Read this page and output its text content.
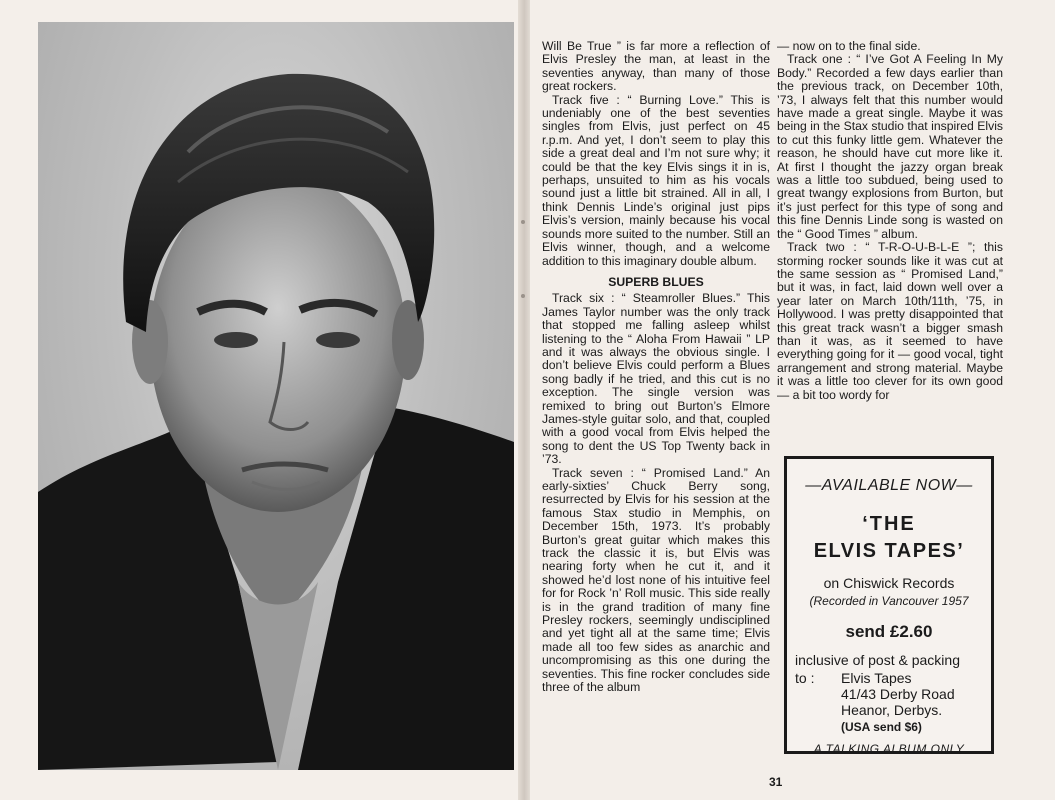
Will Be True ” is far more a reflection of Elvis Presley the man, at least in the seventies anyway, than many of those great rockers.

Track five : “ Burning Love.” This is undeniably one of the best seventies singles from Elvis, just perfect on 45 r.p.m. And yet, I don’t seem to play this side a great deal and I’m not sure why; it could be that the key Elvis sings it in is, perhaps, unsuited to him as his vocals sound just a little bit strained. All in all, I think Dennis Linde’s original just pips Elvis’s version, mainly because his vocal sounds more suited to the number. Still an Elvis winner, though, and a welcome addition to this imaginary double album.

SUPERB BLUES

Track six : “ Steamroller Blues.” This James Taylor number was the only track that stopped me falling asleep whilst listening to the “ Aloha From Hawaii ” LP and it was always the obvious single. I don’t believe Elvis could perform a Blues song badly if he tried, and this cut is no exception. The single version was remixed to bring out Burton’s Elmore James-style guitar solo, and that, coupled with a good vocal from Elvis helped the song to dent the US Top Twenty back in ’73.

Track seven : “ Promised Land.” An early-sixties’ Chuck Berry song, resurrected by Elvis for his session at the famous Stax studio in Memphis, on December 15th, 1973. It’s probably Burton’s great guitar which makes this track the classic it is, but Elvis was nearing forty when he cut it, and it showed he’d lost none of his intuitive feel for for Rock ’n’ Roll music. This side really is in the grand tradition of many fine Presley rockers, seemingly undisciplined and yet tight all at the same time; Elvis made all too few sides as anarchic and uncompromising as this one during the seventies. This fine rocker concludes side three of the album

— now on to the final side.

Track one : “ I’ve Got A Feeling In My Body.” Recorded a few days earlier than the previous track, on December 10th, ’73, I always felt that this number would have made a great single. Maybe it was being in the Stax studio that inspired Elvis to cut this funky little gem. Whatever the reason, he should have cut more like it. At first I thought the jazzy organ break was a little too subdued, being used to great twangy explosions from Burton, but it’s just perfect for this type of song and this fine Dennis Linde song is wasted on the “ Good Times ” album.

Track two : “ T-R-O-U-B-L-E ”; this storming rocker sounds like it was cut at the same session as “ Promised Land,” but it was, in fact, laid down well over a year later on March 10th/11th, ’75, in Hollywood. I was pretty disappointed that this great track wasn’t a bigger smash than it was, as it seemed to have everything going for it — good vocal, tight arrangement and strong material. Maybe it was a little too clever for its own good — a bit too wordy for

—AVAILABLE NOW—
‘THE
ELVIS TAPES’
on Chiswick Records
(Recorded in Vancouver 1957
send £2.60
inclusive of post & packing
to :	Elvis Tapes
41/43 Derby Road
Heanor, Derbys.
(USA send $6)
A TALKING ALBUM ONLY
31
